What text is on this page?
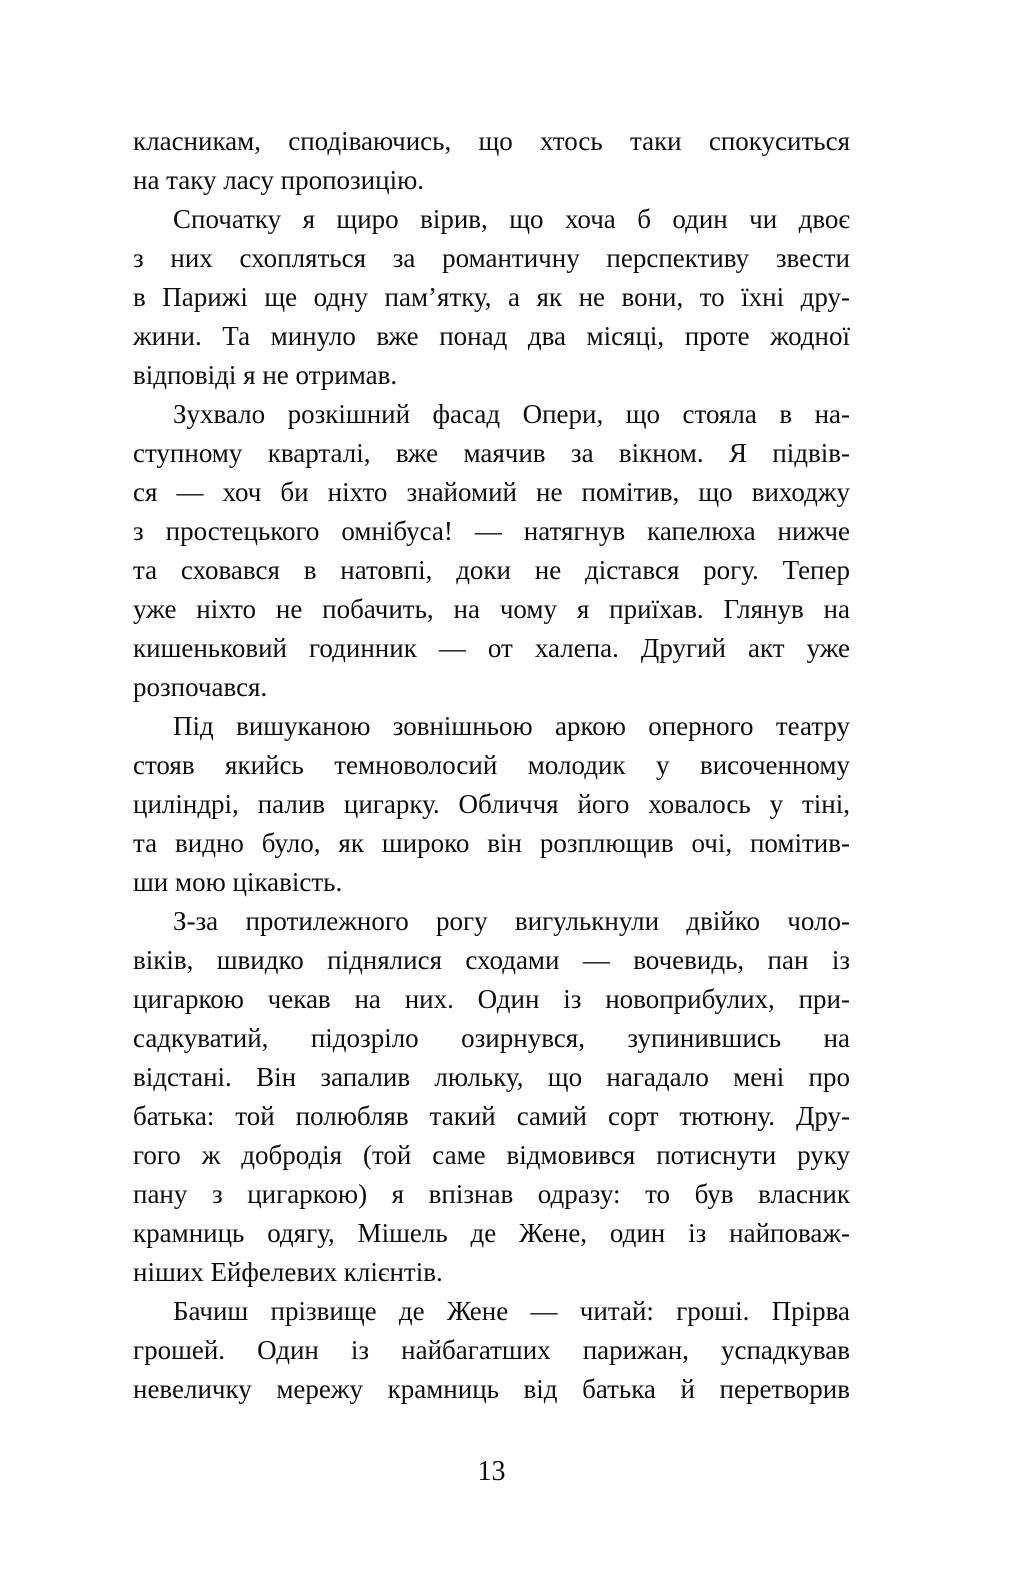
класникам, сподіваючись, що хтось таки спокуситься
на таку ласу пропозицію.

Спочатку я щиро вірив, що хоча б один чи двоє
з них схопляться за романтичну перспективу звести
в Парижі ще одну пам’ятку, а як не вони, то їхні дру-
жини. Та минуло вже понад два місяці, проте жодної
відповіді я не отримав.

Зухвало розкішний фасад Опери, що стояла в на-
ступному кварталі, вже маячив за вікном. Я підвів-
ся — хоч би ніхто знайомий не помітив, що виходжу
з простецького омнібуса! — натягнув капелюха нижче
та сховався в натовпі, доки не дістався рогу. Тепер
уже ніхто не побачить, на чому я приїхав. Глянув на
кишеньковий годинник — от халепа. Другий акт уже
розпочався.

Під вишуканою зовнішньою аркою оперного театру
стояв якийсь темноволосий молодик у височенному
циліндрі, палив цигарку. Обличчя його ховалось у тіні,
та видно було, як широко він розплющив очі, помітив-
ши мою цікавість.

З-за протилежного рогу вигулькнули двійко чоло-
віків, швидко піднялися сходами — вочевидь, пан із
цигаркою чекав на них. Один із новоприбулих, при-
садкуватий, підозріло озирнувся, зупинившись на
відстані. Він запалив люльку, що нагадало мені про
батька: той полюбляв такий самий сорт тютюну. Дру-
гого ж добродія (той саме відмовився потиснути руку
пану з цигаркою) я впізнав одразу: то був власник
крамниць одягу, Мішель де Жене, один із найповаж-
ніших Ейфелевих клієнтів.

Бачиш прізвище де Жене — читай: гроші. Прірва
грошей. Один із найбагатших парижан, успадкував
невеличку мережу крамниць від батька й перетворив

13
